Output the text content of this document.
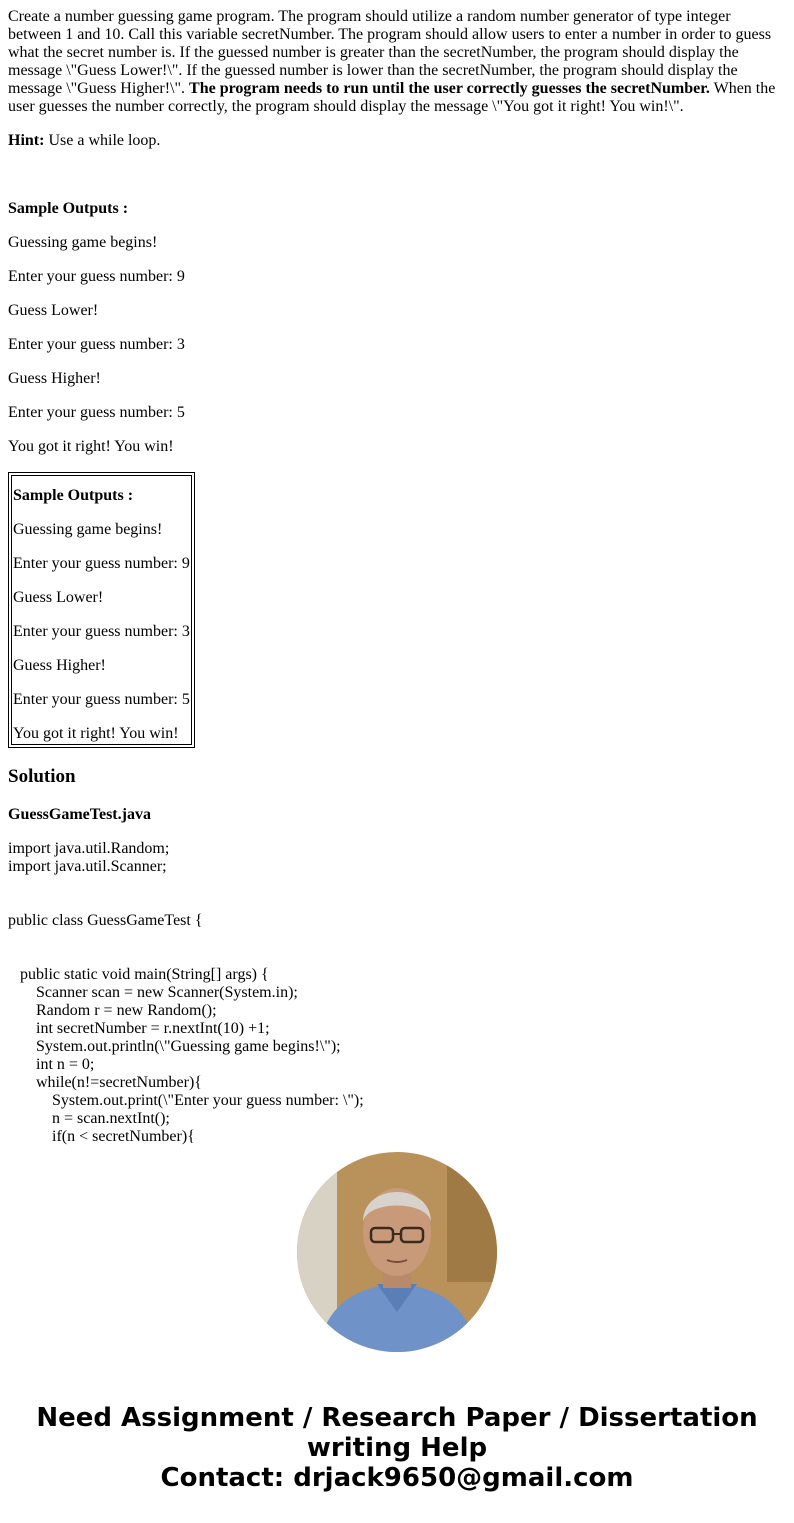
Create a number guessing game program. The program should utilize a random number generator of type integer between 1 and 10. Call this variable secretNumber. The program should allow users to enter a number in order to guess what the secret number is. If the guessed number is greater than the secretNumber, the program should display the message \"Guess Lower!\". If the guessed number is lower than the secretNumber, the program should display the message \"Guess Higher!\". The program needs to run until the user correctly guesses the secretNumber. When the user guesses the number correctly, the program should display the message \"You got it right! You win!\".

Hint: Use a while loop.

Sample Outputs :

Guessing game begins!

Enter your guess number: 9

Guess Lower!

Enter your guess number: 3

Guess Higher!

Enter your guess number: 5

You got it right! You win!

Sample Outputs :

Guessing game begins!

Enter your guess number: 9

Guess Lower!

Enter your guess number: 3

Guess Higher!

Enter your guess number: 5

You got it right! You win!

Solution

GuessGameTest.java

import java.util.Random;
import java.util.Scanner;

public class GuessGameTest {

public static void main(String[] args) {
Scanner scan = new Scanner(System.in);
Random r = new Random();
int secretNumber = r.nextInt(10) +1;
System.out.println(\"Guessing game begins!\");
int n = 0;
while(n!=secretNumber){
System.out.print(\"Enter your guess number: \");
n = scan.nextInt();
if(n < secretNumber){
Need Assignment / Research Paper / Dissertation
writing Help
Contact: drjack9650@gmail.com
